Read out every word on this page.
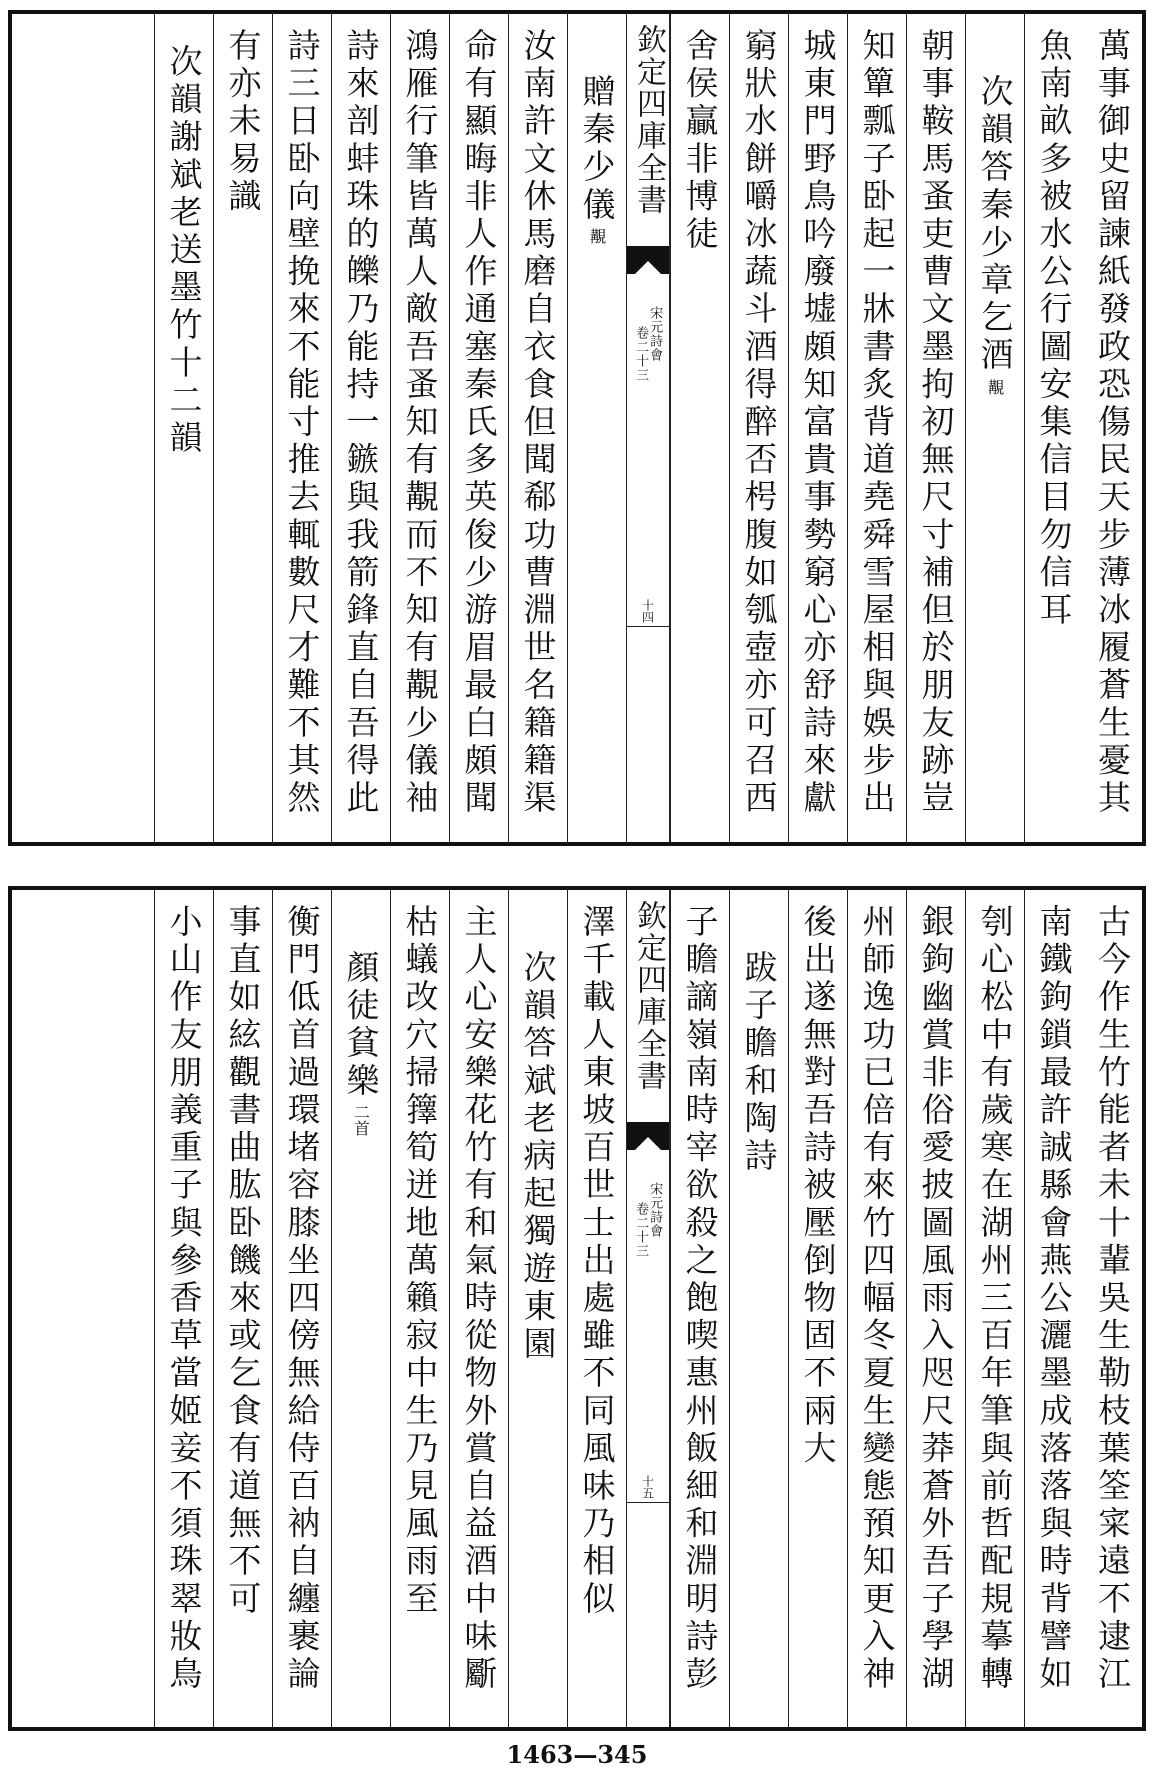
萬事御史留諫紙發政恐傷民天步薄冰履蒼生憂其
魚南畝多被水公行圖安集信目勿信耳
次韻答秦少章乞酒覯
朝事鞍馬蚤吏曹文墨拘初無尺寸補但於朋友跡豈
知簞瓢子卧起一牀書炙背道堯舜雪屋相與娛步出
城東門野鳥吟廢墟頗知富貴事勢窮心亦舒詩來獻
窮狀水餅嚼冰蔬斗酒得醉否枵腹如瓠壺亦可召西
舍侯贏非博徒
欽定四庫全書
宋元詩會
卷二十三
十四
贈秦少儀覯
汝南許文休馬磨自衣食但聞郗功曹淵世名籍籍渠
命有顯晦非人作通塞秦氏多英俊少游眉最白頗聞
鴻雁行筆皆萬人敵吾蚤知有覯而不知有覯少儀袖
詩來剖蚌珠的皪乃能持一鏃與我箭鋒直自吾得此
詩三日卧向壁挽來不能寸推去輒數尺才難不其然
有亦未易識
次韻謝斌老送墨竹十二韻
古今作生竹能者未十輩吳生勒枝葉筌寀遠不逮江
南鐵鉤鎖最許誠縣會燕公灑墨成落落與時背譬如
刳心松中有歲寒在湖州三百年筆與前哲配規摹轉
銀鉤幽賞非俗愛披圖風雨入咫尺莽蒼外吾子學湖
州師逸功已倍有來竹四幅冬夏生變態預知更入神
後出遂無對吾詩被壓倒物固不兩大
跋子瞻和陶詩
子瞻謫嶺南時宰欲殺之飽喫惠州飯細和淵明詩彭
欽定四庫全書
宋元詩會
卷二十三
十五
澤千載人東坡百世士出處雖不同風味乃相似
次韻答斌老病起獨遊東園
主人心安樂花竹有和氣時從物外賞自益酒中味斸
枯蟻改穴掃籜筍迸地萬籟寂中生乃見風雨至
顏徒貧樂二首
衡門低首過環堵容膝坐四傍無給侍百衲自纏裹論
事直如絃觀書曲肱卧饑來或乞食有道無不可
小山作友朋義重子與參香草當姬妾不須珠翠妝鳥
1463—345
